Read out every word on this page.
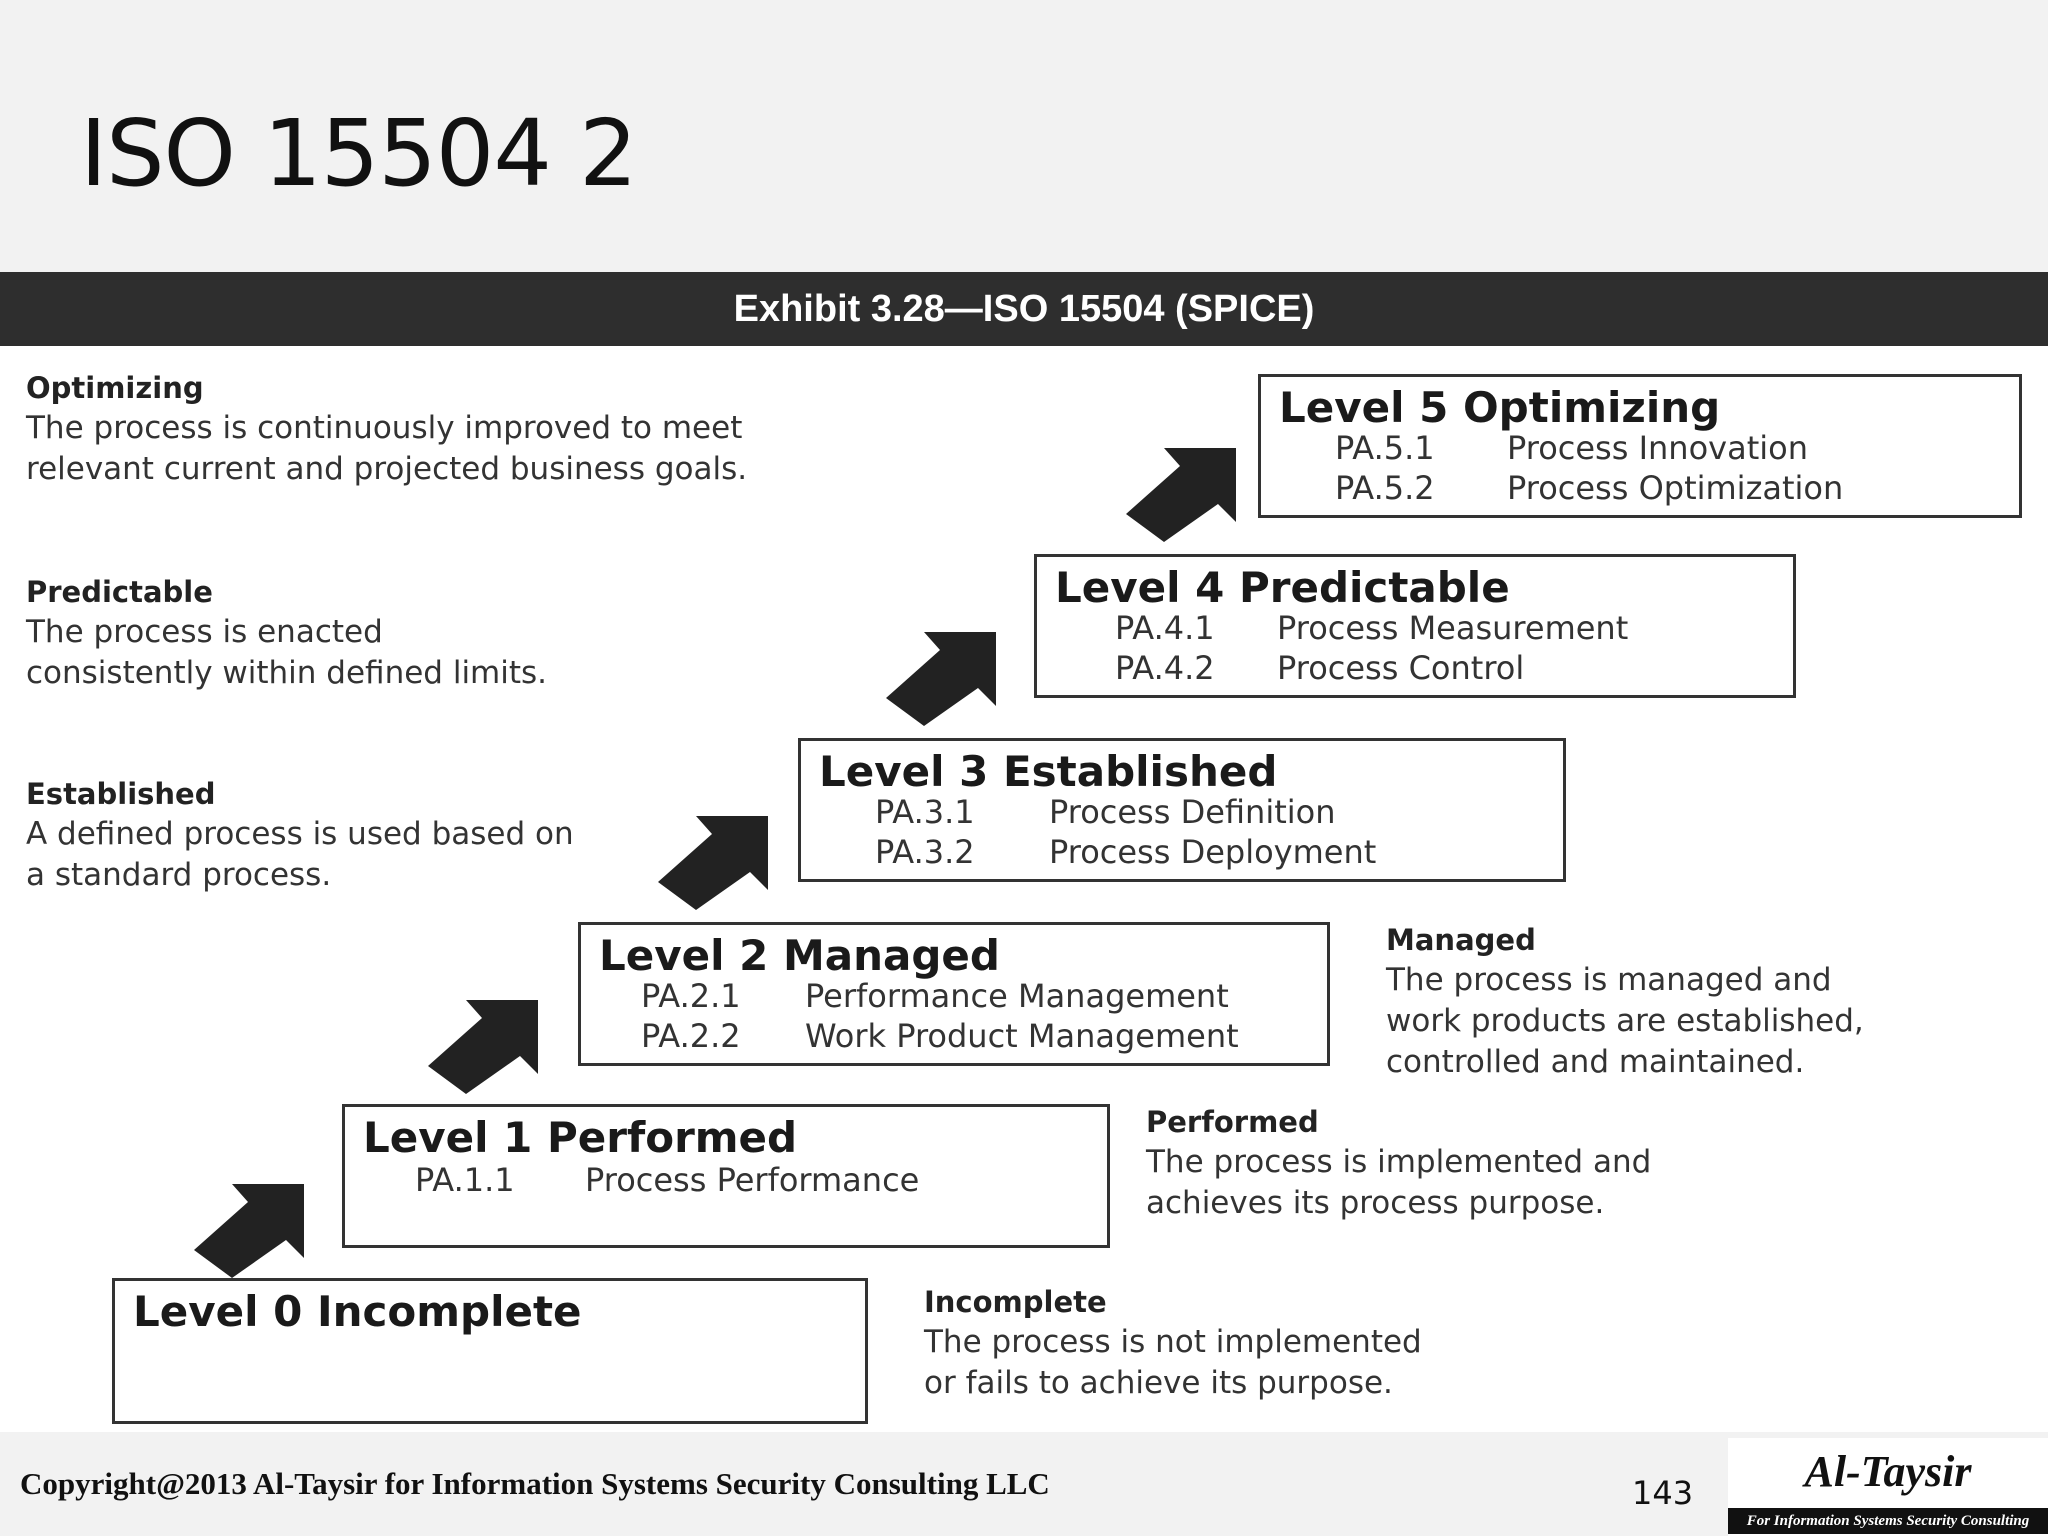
ISO 15504 2
Exhibit 3.28—ISO 15504 (SPICE)
Optimizing
The process is continuously improved to meet
relevant current and projected business goals.
Predictable
The process is enacted
consistently within defined limits.
Established
A defined process is used based on
a standard process.
Managed
The process is managed and
work products are established,
controlled and maintained.
Performed
The process is implemented and
achieves its process purpose.
Incomplete
The process is not implemented
or fails to achieve its purpose.
Level 0 Incomplete
Level 1 Performed
PA.1.1 Process Performance
Level 2 Managed
PA.2.1 Performance Management
PA.2.2 Work Product Management
Level 3 Established
PA.3.1 Process Definition
PA.3.2 Process Deployment
Level 4 Predictable
PA.4.1 Process Measurement
PA.4.2 Process Control
Level 5 Optimizing
PA.5.1 Process Innovation
PA.5.2 Process Optimization
Copyright@2013 Al-Taysir for Information Systems Security Consulting LLC	143	Al-Taysir
For Information Systems Security Consulting
